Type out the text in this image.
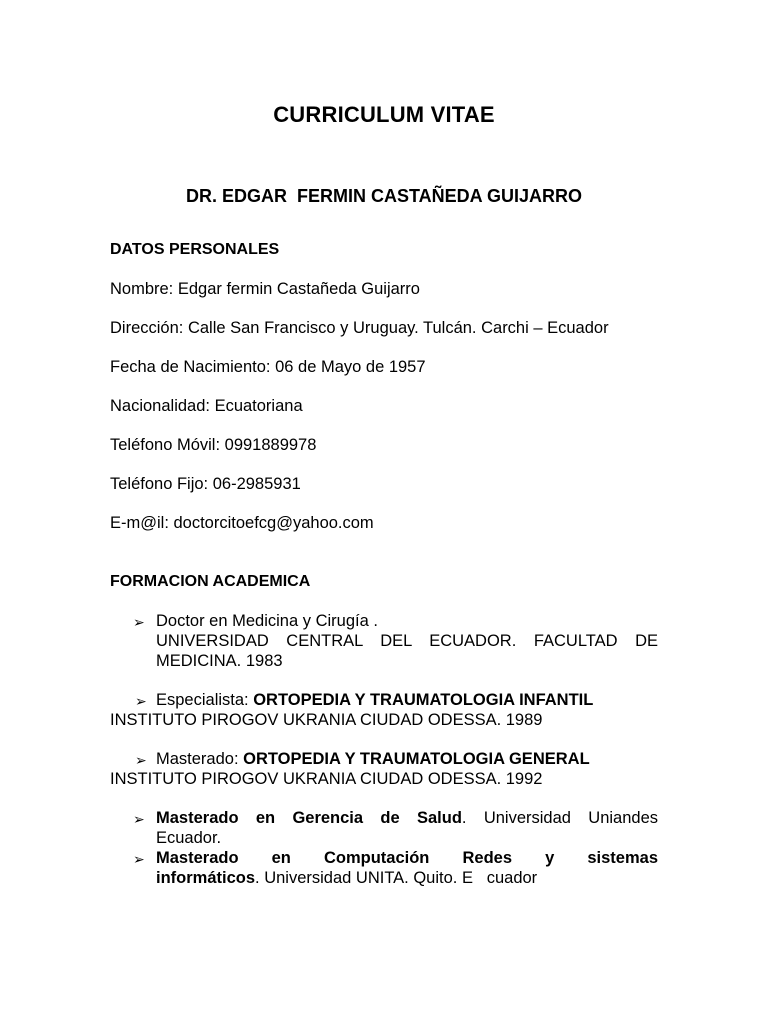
CURRICULUM VITAE
DR. EDGAR  FERMIN CASTAÑEDA GUIJARRO
DATOS PERSONALES
Nombre: Edgar fermin Castañeda Guijarro
Dirección: Calle San Francisco y Uruguay. Tulcán. Carchi – Ecuador
Fecha de Nacimiento: 06 de Mayo de 1957
Nacionalidad: Ecuatoriana
Teléfono Móvil: 0991889978
Teléfono Fijo: 06-2985931
E-m@il: doctorcitoefcg@yahoo.com
FORMACION ACADEMICA
➢ Doctor en Medicina y Cirugía .
UNIVERSIDAD CENTRAL DEL ECUADOR. FACULTAD DE
MEDICINA. 1983
➢ Especialista: ORTOPEDIA Y TRAUMATOLOGIA INFANTIL
INSTITUTO PIROGOV UKRANIA CIUDAD ODESSA. 1989
➢ Masterado: ORTOPEDIA Y TRAUMATOLOGIA GENERAL
INSTITUTO PIROGOV UKRANIA CIUDAD ODESSA. 1992
➢ Masterado en Gerencia de Salud. Universidad Uniandes
Ecuador.
➢ Masterado en Computación Redes y sistemas
informáticos. Universidad UNITA. Quito. E   cuador
